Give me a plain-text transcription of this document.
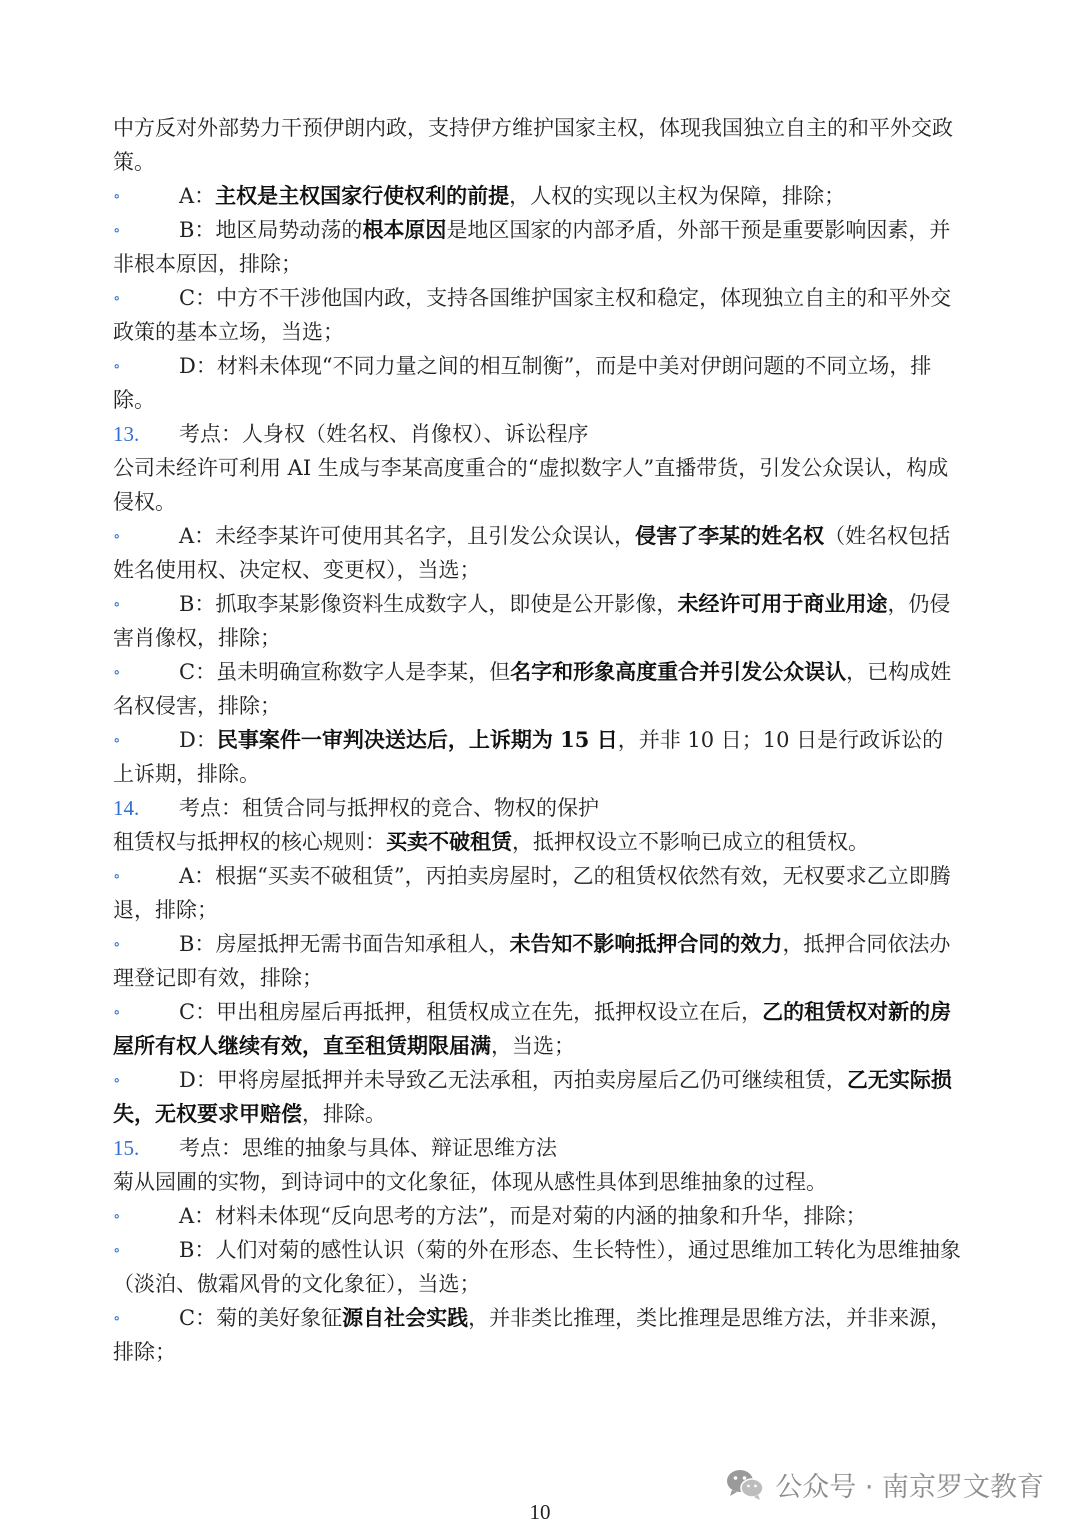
中方反对外部势力干预伊朗内政，支持伊方维护国家主权，体现我国独立自主的和平外交政策。

∘	A：主权是主权国家行使权利的前提，人权的实现以主权为保障，排除；

∘	B：地区局势动荡的根本原因是地区国家的内部矛盾，外部干预是重要影响因素，并非根本原因，排除；

∘	C：中方不干涉他国内政，支持各国维护国家主权和稳定，体现独立自主的和平外交政策的基本立场，当选；

∘	D：材料未体现“不同力量之间的相互制衡”，而是中美对伊朗问题的不同立场，排除。

13. 考点：人身权（姓名权、肖像权）、诉讼程序

公司未经许可利用 AI 生成与李某高度重合的“虚拟数字人”直播带货，引发公众误认，构成侵权。

∘	A：未经李某许可使用其名字，且引发公众误认，侵害了李某的姓名权（姓名权包括姓名使用权、决定权、变更权），当选；

∘	B：抓取李某影像资料生成数字人，即使是公开影像，未经许可用于商业用途，仍侵害肖像权，排除；

∘	C：虽未明确宣称数字人是李某，但名字和形象高度重合并引发公众误认，已构成姓名权侵害，排除；

∘	D：民事案件一审判决送达后，上诉期为 15 日，并非 10 日；10 日是行政诉讼的上诉期，排除。

14. 考点：租赁合同与抵押权的竞合、物权的保护

租赁权与抵押权的核心规则：买卖不破租赁，抵押权设立不影响已成立的租赁权。

∘	A：根据“买卖不破租赁”，丙拍卖房屋时，乙的租赁权依然有效，无权要求乙立即腾退，排除；

∘	B：房屋抵押无需书面告知承租人，未告知不影响抵押合同的效力，抵押合同依法办理登记即有效，排除；

∘	C：甲出租房屋后再抵押，租赁权成立在先，抵押权设立在后，乙的租赁权对新的房屋所有权人继续有效，直至租赁期限届满，当选；

∘	D：甲将房屋抵押并未导致乙无法承租，丙拍卖房屋后乙仍可继续租赁，乙无实际损失，无权要求甲赔偿，排除。

15. 考点：思维的抽象与具体、辩证思维方法

菊从园圃的实物，到诗词中的文化象征，体现从感性具体到思维抽象的过程。

∘	A：材料未体现“反向思考的方法”，而是对菊的内涵的抽象和升华，排除；

∘	B：人们对菊的感性认识（菊的外在形态、生长特性），通过思维加工转化为思维抽象（淡泊、傲霜风骨的文化象征），当选；

∘	C：菊的美好象征源自社会实践，并非类比推理，类比推理是思维方法，并非来源，排除；

公众号 · 南京罗文教育
10
